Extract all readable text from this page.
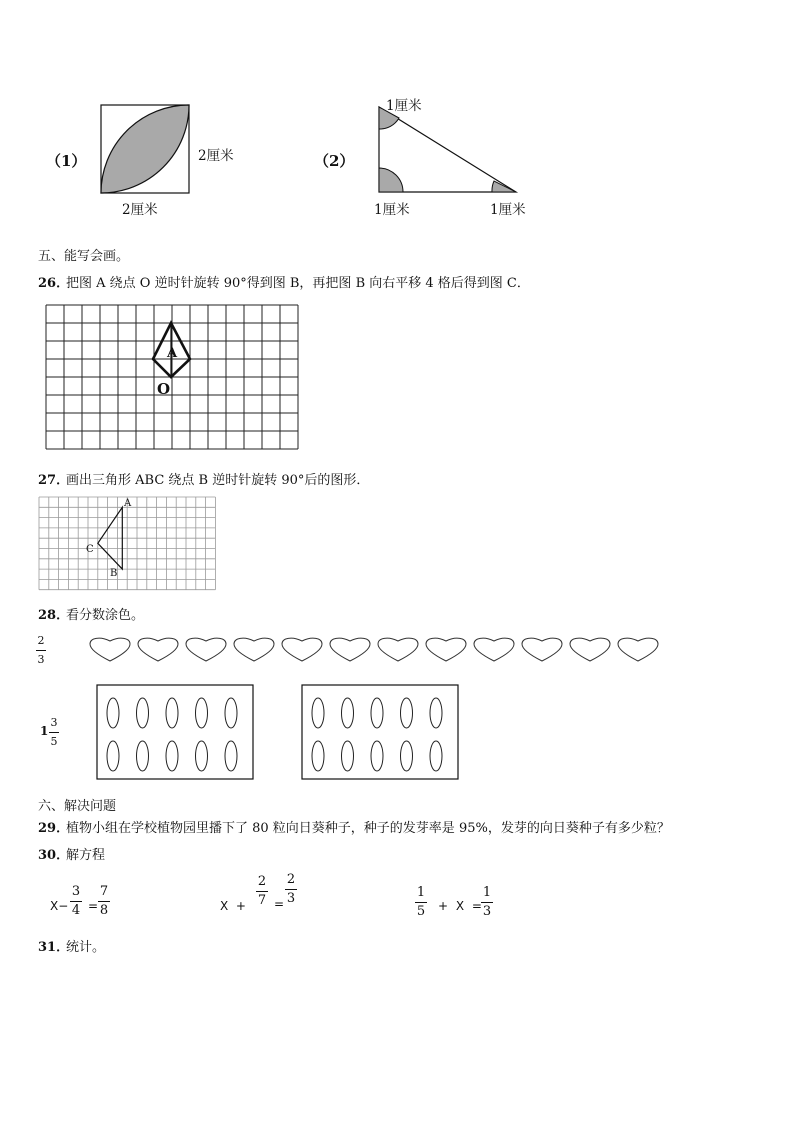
（1）	2厘米
2厘米
（2）
1厘米
1厘米	1厘米
五、能写会画。
26．
把图 A 绕点 O 逆时针旋转 90°得到图 B，再把图 B 向右平移 4 格后得到图 C．
A
O
27．
画出三角形 ABC 绕点 B 逆时针旋转 90°后的图形．
A
B
C
28．
看分数涂色。
2
3
1
3
5
六、解决问题
29．
植物小组在学校植物园里播下了 80 粒向日葵种子，种子的发芽率是 95%，发芽的向日葵种子有多少粒？
30．
解方程
X−
3
4 =
7
8	X  +
2
7 =
2
3	1
5 + X =
1
3
31．
统计。
